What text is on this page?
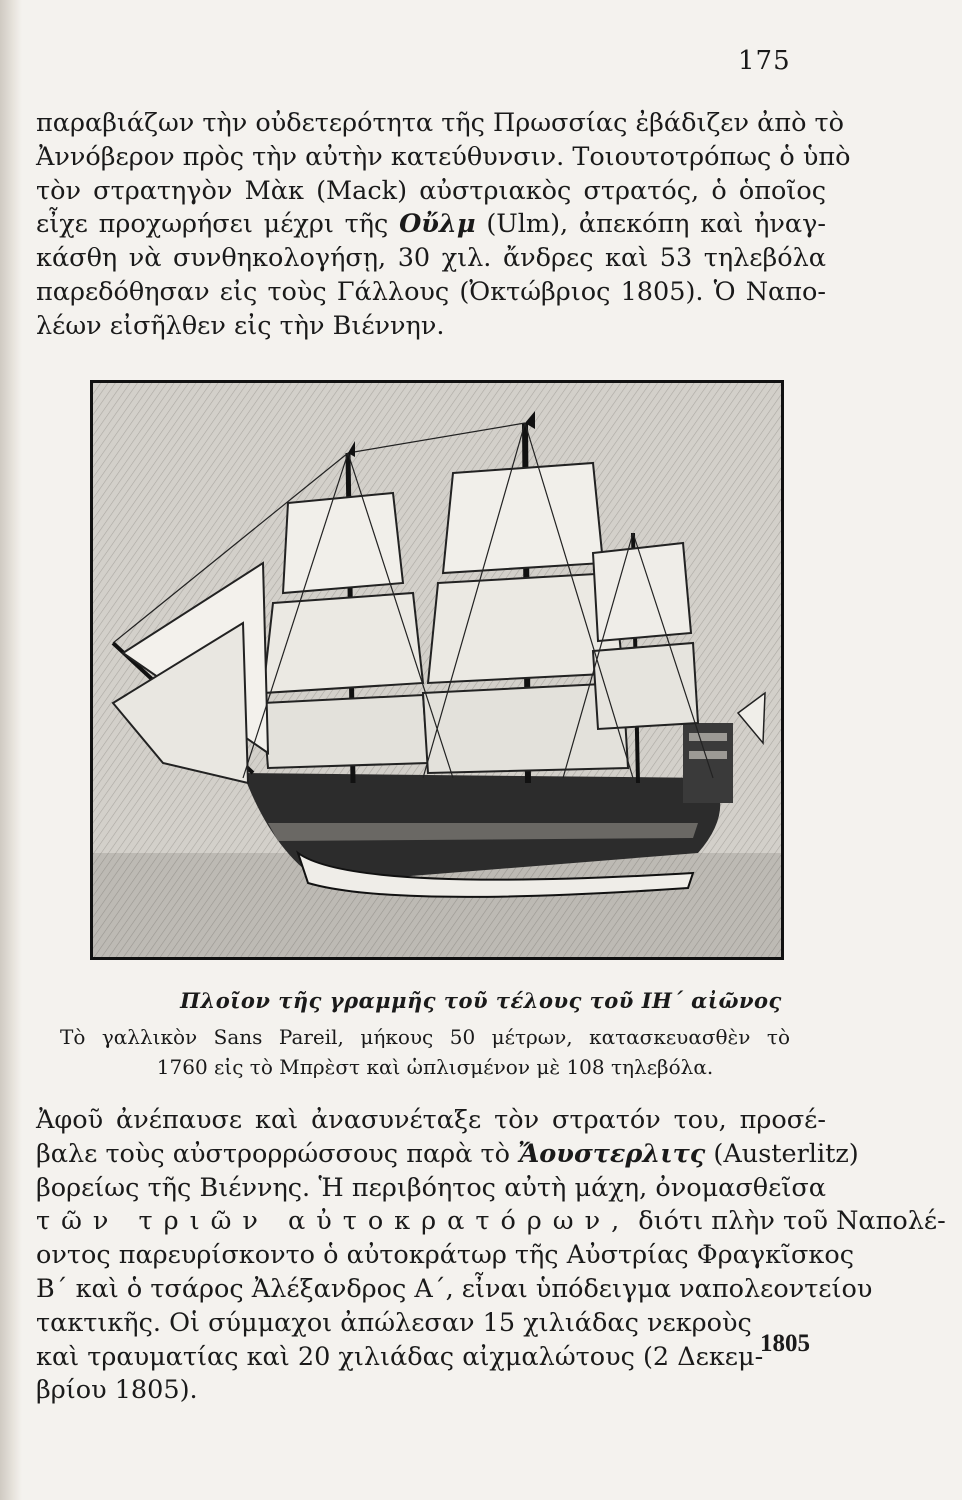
175
παραβιάζων τὴν οὐδετερότητα τῆς Πρωσσίας ἐβάδιζεν ἀπὸ τὸ
Ἀννόβερον πρὸς τὴν αὐτὴν κατεύθυνσιν. Τοιουτοτρόπως ὁ ὑπὸ
τὸν στρατηγὸν Μὰκ (Mack) αὐστριακὸς στρατός, ὁ ὁποῖος
εἶχε προχωρήσει μέχρι τῆς Οὔλμ (Ulm), ἀπεκόπη καὶ ἠναγ-
κάσθη νὰ συνθηκολογήσῃ, 30 χιλ. ἄνδρες καὶ 53 τηλεβόλα
παρεδόθησαν εἰς τοὺς Γάλλους (Ὀκτώβριος 1805). Ὁ Ναπο-
λέων εἰσῆλθεν εἰς τὴν Βιέννην.
Πλοῖον τῆς γραμμῆς τοῦ τέλους τοῦ ΙΗ΄ αἰῶνος
Τὸ γαλλικὸν Sans Pareil, μήκους 50 μέτρων, κατασκευασθὲν τὸ
1760 εἰς τὸ Μπρὲστ καὶ ὡπλισμένον μὲ 108 τηλεβόλα.
Ἀφοῦ ἀνέπαυσε καὶ ἀνασυνέταξε τὸν στρατόν του, προσέ-
βαλε τοὺς αὐστρορρώσσους παρὰ τὸ Ἄουστερλιτς (Austerlitz)
βορείως τῆς Βιέννης. Ἡ περιβόητος αὐτὴ μάχη, ὀνομασθεῖσα
τῶν τριῶν αὐτοκρατόρων, διότι πλὴν τοῦ Ναπολέ-
οντος παρευρίσκοντο ὁ αὐτοκράτωρ τῆς Αὐστρίας Φραγκῖσκος
Β΄ καὶ ὁ τσάρος Ἀλέξανδρος Α΄, εἶναι ὑπόδειγμα ναπολεοντείου
τακτικῆς. Οἱ σύμμαχοι ἀπώλεσαν 15 χιλιάδας νεκροὺς
καὶ τραυματίας καὶ 20 χιλιάδας αἰχμαλώτους (2 Δεκεμ-
βρίου 1805).
1805
